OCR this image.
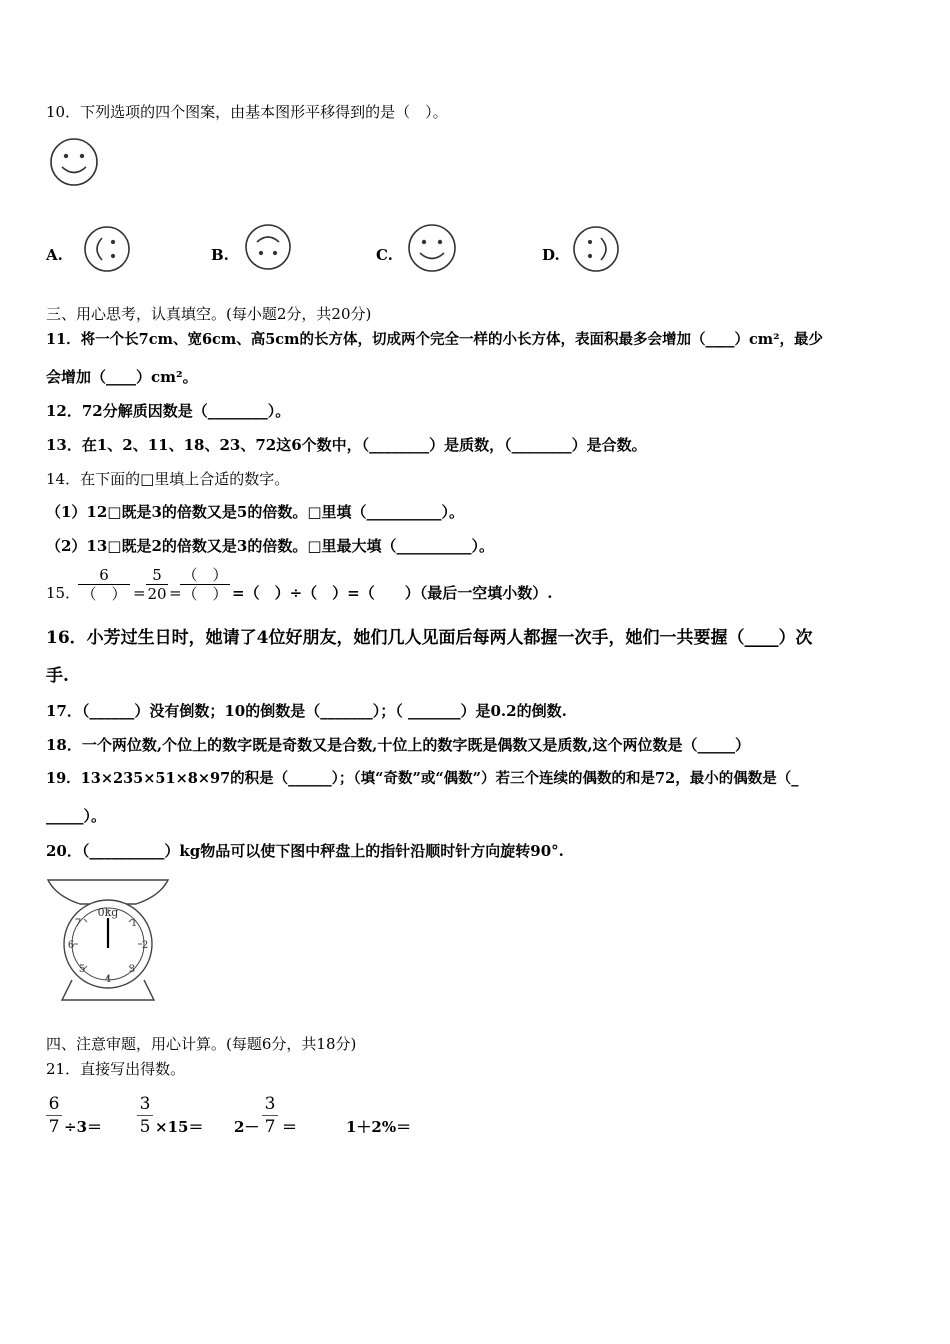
10．下列选项的四个图案，由基本图形平移得到的是（　）。
A.	B.	C.	D.
三、用心思考，认真填空。(每小题2分，共20分)
11．将一个长7cm、宽6cm、高5cm的长方体，切成两个完全一样的小长方体，表面积最多会增加（____）cm²，最少
会增加（____）cm²。
12．72分解质因数是（________）。
13．在1、2、11、18、23、72这6个数中，（________）是质数，（________）是合数。
14．在下面的□里填上合适的数字。
（1）12□既是3的倍数又是5的倍数。□里填（__________）。
（2）13□既是2的倍数又是3的倍数。□里最大填（__________）。
15．
6
（　） = $\frac{5}{20}$ =
（　）
（　） =（　）÷（　）=（　　）（最后一空填小数）.
16．小芳过生日时，她请了4位好朋友，她们几人见面后每两人都握一次手，她们一共要握（____）次
手.
17．（______）没有倒数；10的倒数是（_______）；（ _______）是0.2的倒数.
18．一个两位数,个位上的数字既是奇数又是合数,十位上的数字既是偶数又是质数,这个两位数是（_____）
19．13×235×51×8×97的积是（______）；（填“奇数”或“偶数”）若三个连续的偶数的和是72，最小的偶数是（_
_____）。
20．（__________）kg物品可以使下图中秤盘上的指针沿顺时针方向旋转90°.
0kg
7	1
6	2
5	3
4
四、注意审题，用心计算。(每题6分，共18分)
21．直接写出得数。
$\frac{6}{7} \div 3= \frac{3}{5} \times 15= 2- \frac{3}{7}$ ＝	1＋2%＝
